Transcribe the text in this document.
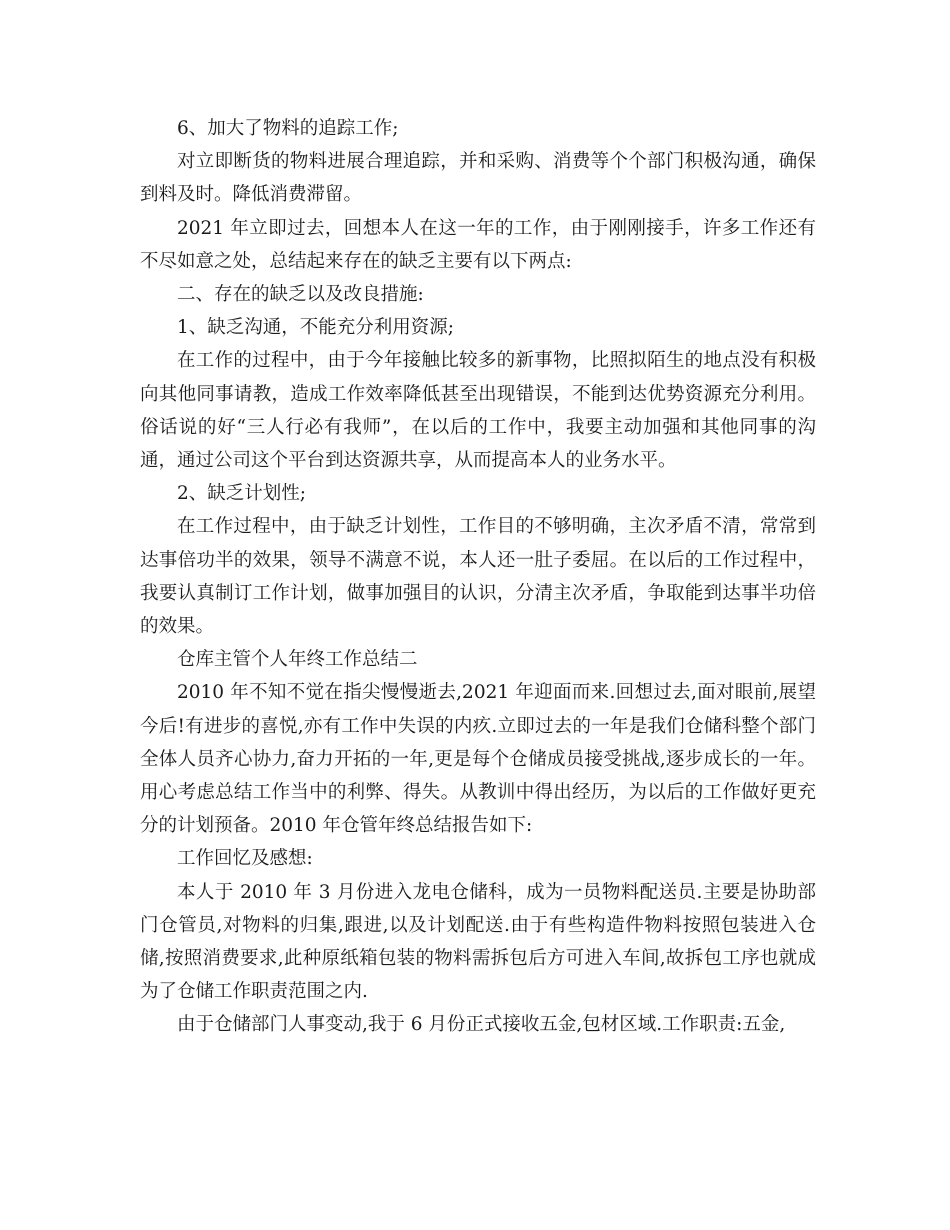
6、加大了物料的追踪工作;

对立即断货的物料进展合理追踪，并和采购、消费等个个部门积极沟通，确保到料及时。降低消费滞留。

2021 年立即过去，回想本人在这一年的工作，由于刚刚接手，许多工作还有不尽如意之处，总结起来存在的缺乏主要有以下两点:

二、存在的缺乏以及改良措施:

1、缺乏沟通，不能充分利用资源;

在工作的过程中，由于今年接触比较多的新事物，比照拟陌生的地点没有积极向其他同事请教，造成工作效率降低甚至出现错误，不能到达优势资源充分利用。俗话说的好“三人行必有我师”，在以后的工作中，我要主动加强和其他同事的沟通，通过公司这个平台到达资源共享，从而提高本人的业务水平。

2、缺乏计划性;

在工作过程中，由于缺乏计划性，工作目的不够明确，主次矛盾不清，常常到达事倍功半的效果，领导不满意不说，本人还一肚子委屈。在以后的工作过程中，我要认真制订工作计划，做事加强目的认识，分清主次矛盾，争取能到达事半功倍的效果。

仓库主管个人年终工作总结二

2010 年不知不觉在指尖慢慢逝去,2021 年迎面而来.回想过去,面对眼前,展望今后!有进步的喜悦,亦有工作中失误的内疚.立即过去的一年是我们仓储科整个部门全体人员齐心协力,奋力开拓的一年,更是每个仓储成员接受挑战,逐步成长的一年。用心考虑总结工作当中的利弊、得失。从教训中得出经历，为以后的工作做好更充分的计划预备。2010 年仓管年终总结报告如下:

工作回忆及感想:

本人于 2010 年 3 月份进入龙电仓储科，成为一员物料配送员.主要是协助部门仓管员,对物料的归集,跟进,以及计划配送.由于有些构造件物料按照包装进入仓储,按照消费要求,此种原纸箱包装的物料需拆包后方可进入车间,故拆包工序也就成为了仓储工作职责范围之内.

由于仓储部门人事变动,我于 6 月份正式接收五金,包材区域.工作职责:五金,
